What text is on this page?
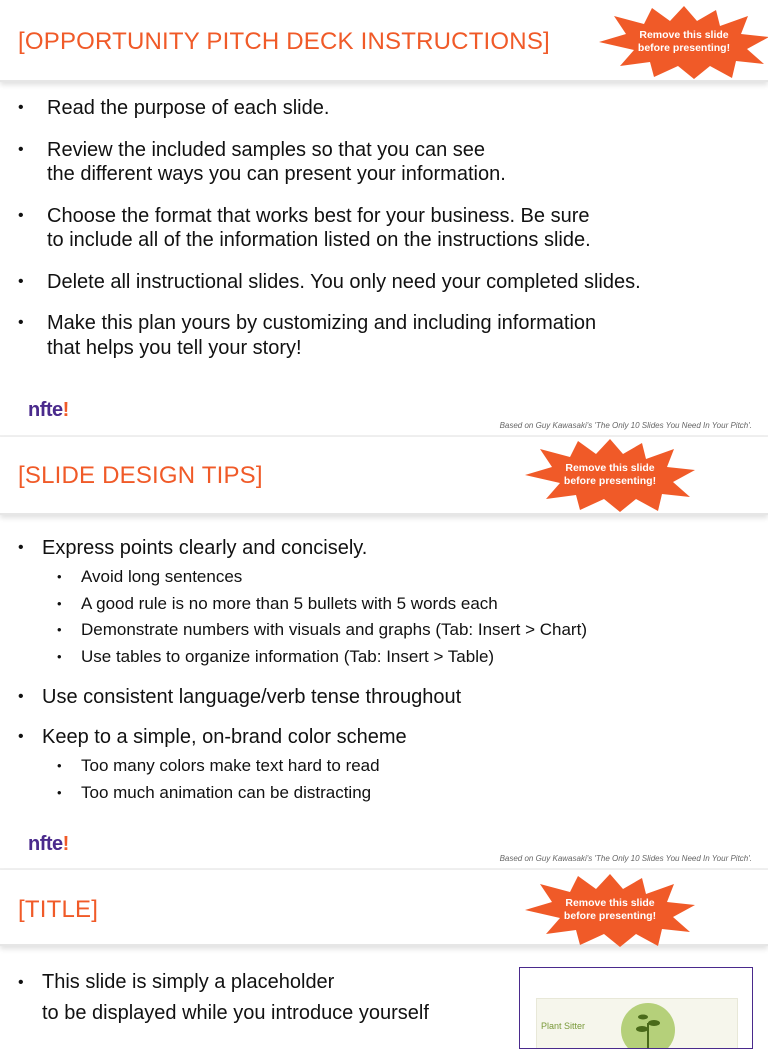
[OPPORTUNITY PITCH DECK INSTRUCTIONS]	Remove this slide
before presenting!
• Read the purpose of each slide.
• Review the included samples so that you can see
the different ways you can present your information.
• Choose the format that works best for your business. Be sure
to include all of the information listed on the instructions slide.
• Delete all instructional slides. You only need your completed slides.
• Make this plan yours by customizing and including information
that helps you tell your story!
nfte!
Based on Guy Kawasaki's 'The Only 10 Slides You Need In Your Pitch'.
[SLIDE DESIGN TIPS]	Remove this slide
before presenting!
• Express points clearly and concisely.
• Avoid long sentences
• A good rule is no more than 5 bullets with 5 words each
• Demonstrate numbers with visuals and graphs (Tab: Insert > Chart)
• Use tables to organize information (Tab: Insert > Table)
• Use consistent language/verb tense throughout
• Keep to a simple, on-brand color scheme
• Too many colors make text hard to read
• Too much animation can be distracting
nfte!
Based on Guy Kawasaki's 'The Only 10 Slides You Need In Your Pitch'.
[TITLE]	Remove this slide
before presenting!
• This slide is simply a placeholder
to be displayed while you introduce yourself
Plant Sitter
